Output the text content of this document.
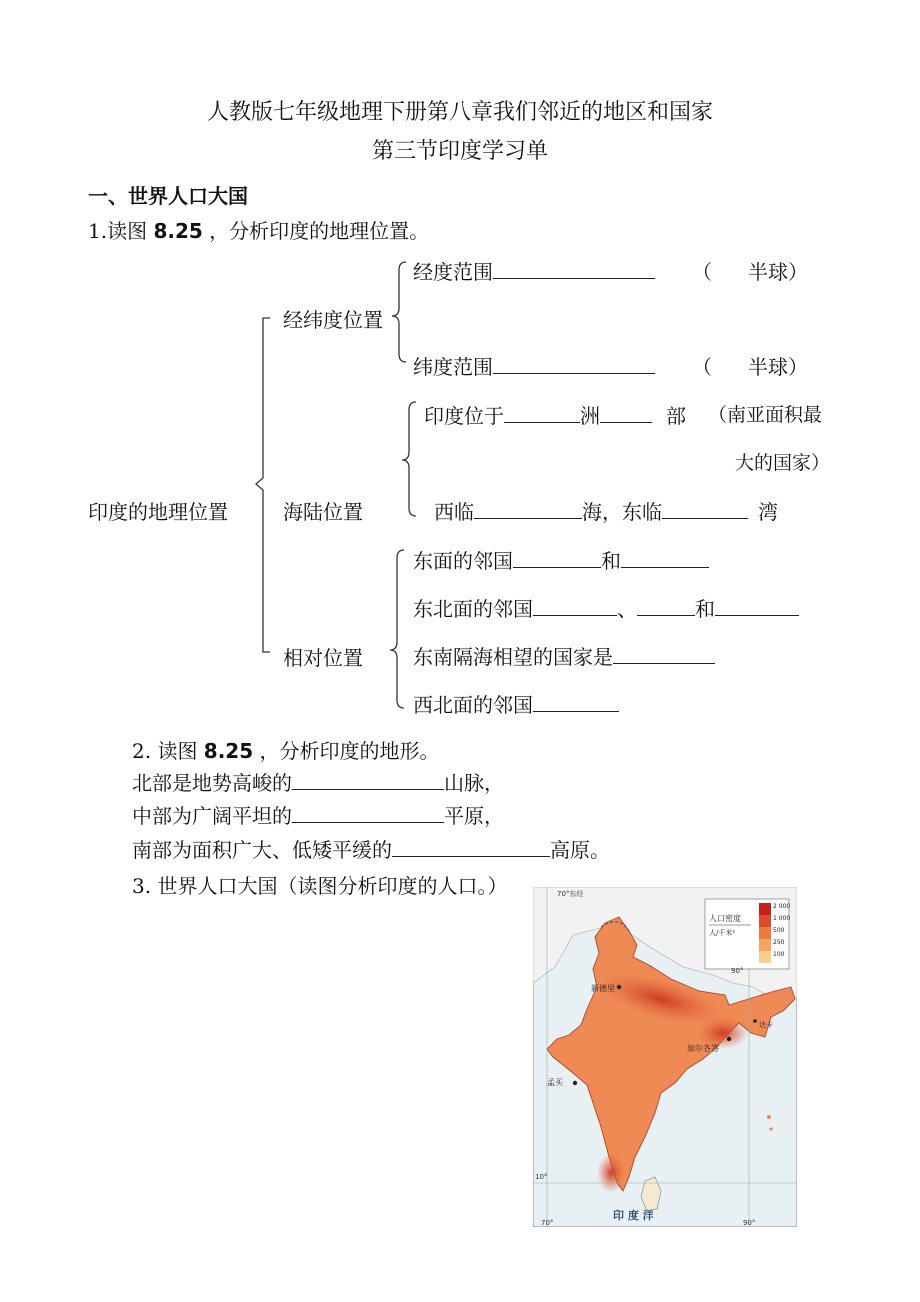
人教版七年级地理下册第八章我们邻近的地区和国家
第三节印度学习单
一、世界人口大国
1.读图 8.25 ，分析印度的地理位置。
印度的地理位置
经纬度位置
经度范围	（ 半球）
纬度范围	（ 半球）
海陆位置
印度位于	洲	部 （南亚面积最
大的国家）
西临	海，东临	湾
相对位置
东面的邻国	和
东北面的邻国	、	和
东南隔海相望的国家是
西北面的邻国
2. 读图 8.25 ，分析印度的地形。
北部是地势高峻的	山脉，
中部为广阔平坦的	平原，
南部为面积广大、低矮平缓的	高原。
3. 世界人口大国（读图分析印度的人口。）
人口密度
人/千米²
2 000
1 000
500
250
100
新德里
加尔各答
孟买
达卡
印 度 洋
70°东经
90°
10°
70°	90°
